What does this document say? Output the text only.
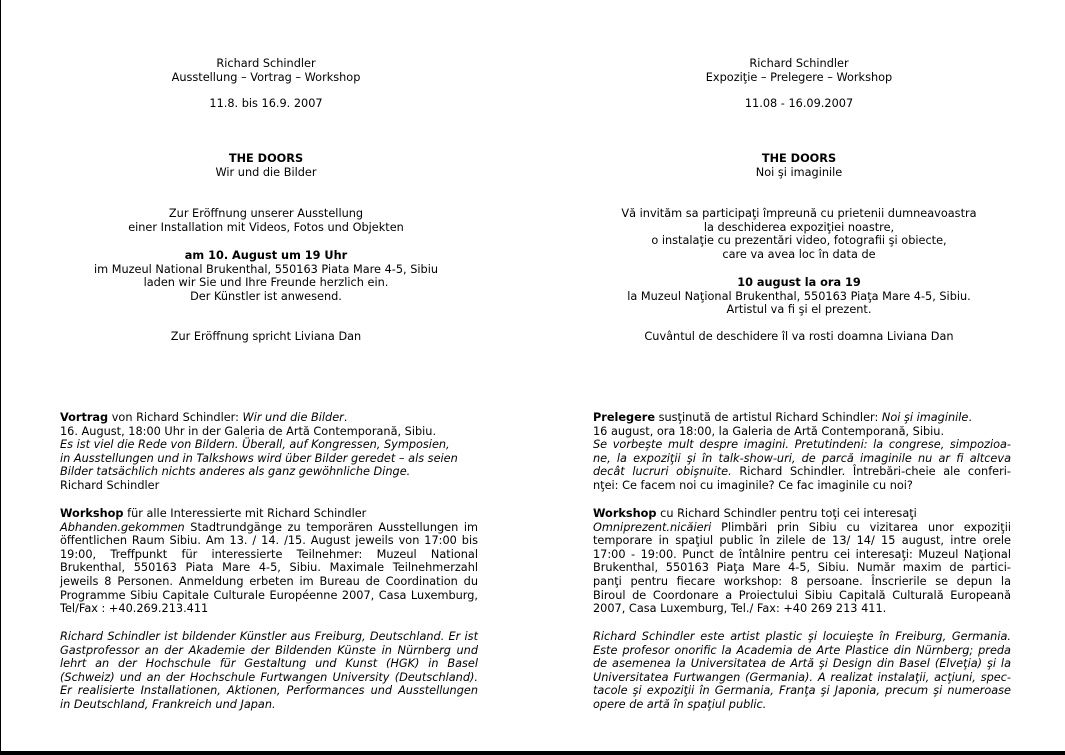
Richard Schindler
Ausstellung – Vortrag – Workshop
11.8. bis 16.9. 2007
THE DOORS
Wir und die Bilder
Zur Eröffnung unserer Ausstellung
einer Installation mit Videos, Fotos und Objekten
am 10. August um 19 Uhr
im Muzeul National Brukenthal, 550163 Piata Mare 4-5, Sibiu
laden wir Sie und Ihre Freunde herzlich ein.
Der Künstler ist anwesend.
Zur Eröffnung spricht Liviana Dan
Vortrag von Richard Schindler: Wir und die Bilder.
16. August, 18:00 Uhr in der Galeria de Artă Contemporană, Sibiu.
Es ist viel die Rede von Bildern. Überall, auf Kongressen, Symposien,
in Ausstellungen und in Talkshows wird über Bilder geredet – als seien
Bilder tatsächlich nichts anderes als ganz gewöhnliche Dinge.
Richard Schindler
Workshop für alle Interessierte mit Richard Schindler
Abhanden.gekommen Stadtrundgänge zu temporären Ausstellungen im
öffentlichen Raum Sibiu. Am 13. / 14. /15. August jeweils von 17:00 bis
19:00, Treffpunkt für interessierte Teilnehmer: Muzeul National
Brukenthal, 550163 Piata Mare 4-5, Sibiu. Maximale Teilnehmerzahl
jeweils 8 Personen. Anmeldung erbeten im Bureau de Coordination du
Programme Sibiu Capitale Culturale Européenne 2007, Casa Luxemburg,
Tel/Fax : +40.269.213.411
Richard Schindler ist bildender Künstler aus Freiburg, Deutschland. Er ist
Gastprofessor an der Akademie der Bildenden Künste in Nürnberg und
lehrt an der Hochschule für Gestaltung und Kunst (HGK) in Basel
(Schweiz) und an der Hochschule Furtwangen University (Deutschland).
Er realisierte Installationen, Aktionen, Performances und Ausstellungen
in Deutschland, Frankreich und Japan.
Richard Schindler
Expoziţie – Prelegere – Workshop
11.08 - 16.09.2007
THE DOORS
Noi şi imaginile
Vă invităm sa participaţi împreună cu prietenii dumneavoastra
la deschiderea expoziţiei noastre,
o instalaţie cu prezentări video, fotografii şi obiecte,
care va avea loc în data de
10 august la ora 19
la Muzeul Naţional Brukenthal, 550163 Piaţa Mare 4-5, Sibiu.
Artistul va fi şi el prezent.
Cuvântul de deschidere îl va rosti doamna Liviana Dan
Prelegere susţinută de artistul Richard Schindler: Noi şi imaginile.
16 august, ora 18:00, la Galeria de Artă Contemporană, Sibiu.
Se vorbeşte mult despre imagini. Pretutindeni: la congrese, simpozioa-
ne, la expoziţii şi în talk-show-uri, de parcă imaginile nu ar fi altceva
decât lucruri obişnuite. Richard Schindler. Întrebări-cheie ale conferi-
nţei: Ce facem noi cu imaginile? Ce fac imaginile cu noi?
Workshop cu Richard Schindler pentru toţi cei interesaţi
Omniprezent.nicăieri Plimbări prin Sibiu cu vizitarea unor expoziţii
temporare in spaţiul public în zilele de 13/ 14/ 15 august, intre orele
17:00 - 19:00. Punct de întâlnire pentru cei interesaţi: Muzeul Naţional
Brukenthal, 550163 Piaţa Mare 4-5, Sibiu. Număr maxim de partici-
panţi pentru fiecare workshop: 8 persoane. Înscrierile se depun la
Biroul de Coordonare a Proiectului Sibiu Capitală Culturală Europeană
2007, Casa Luxemburg, Tel./ Fax: +40 269 213 411.
Richard Schindler este artist plastic şi locuieşte în Freiburg, Germania.
Este profesor onorific la Academia de Arte Plastice din Nürnberg; preda
de asemenea la Universitatea de Artă şi Design din Basel (Elveţia) şi la
Universitatea Furtwangen (Germania). A realizat instalaţii, acţiuni, spec-
tacole şi expoziţii în Germania, Franţa şi Japonia, precum şi numeroase
opere de artă în spaţiul public.
